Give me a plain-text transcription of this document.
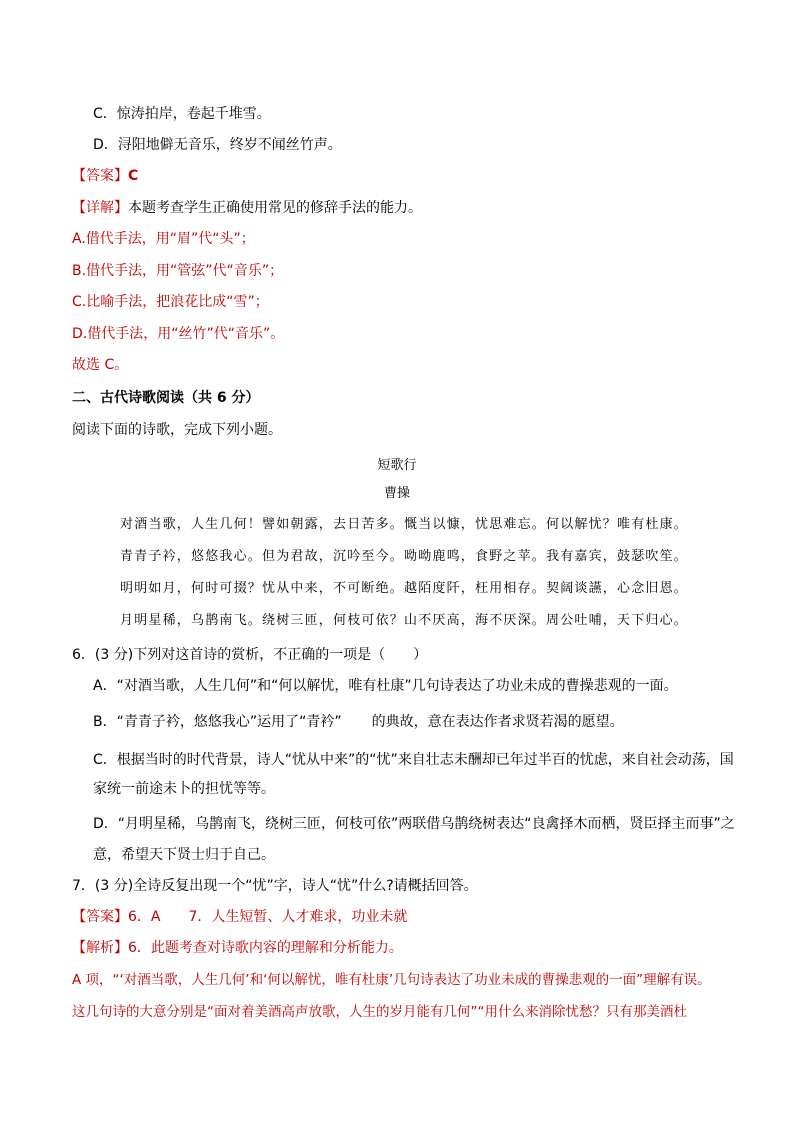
C．惊涛拍岸，卷起千堆雪。
D．浔阳地僻无音乐，终岁不闻丝竹声。
【答案】C
【详解】本题考查学生正确使用常见的修辞手法的能力。
A.借代手法，用“眉”代“头”；
B.借代手法，用“管弦”代“音乐”；
C.比喻手法，把浪花比成“雪”；
D.借代手法，用“丝竹”代“音乐”。
故选 C。
二、古代诗歌阅读（共 6 分）
阅读下面的诗歌，完成下列小题。
短歌行
曹操
对酒当歌，人生几何！譬如朝露，去日苦多。慨当以慷，忧思难忘。何以解忧？唯有杜康。
青青子衿，悠悠我心。但为君故，沉吟至今。呦呦鹿鸣，食野之苹。我有嘉宾，鼓瑟吹笙。
明明如月，何时可掇？忧从中来，不可断绝。越陌度阡，枉用相存。契阔谈讌，心念旧恩。
月明星稀，乌鹊南飞。绕树三匝，何枝可依？山不厌高，海不厌深。周公吐哺，天下归心。
6．(3 分)下列对这首诗的赏析，不正确的一项是（　　）
A．“对酒当歌，人生几何”和“何以解忧，唯有杜康”几句诗表达了功业未成的曹操悲观的一面。
B．“青青子衿，悠悠我心”运用了“青衿” 的典故，意在表达作者求贤若渴的愿望。
C．根据当时的时代背景，诗人“忧从中来”的“忧”来自壮志未酬却已年过半百的忧虑，来自社会动荡，国
家统一前途未卜的担忧等等。
D．“月明星稀，乌鹊南飞，绕树三匝，何枝可依”两联借乌鹊绕树表达“良禽择木而栖，贤臣择主而事”之
意，希望天下贤士归于自己。
7．(3 分)全诗反复出现一个“忧”字，诗人“忧”什么?请概括回答。
【答案】6．A 7．人生短暂、人才难求，功业未就
【解析】6．此题考查对诗歌内容的理解和分析能力。
A 项，“‘对酒当歌，人生几何’和‘何以解忧，唯有杜康’几句诗表达了功业未成的曹操悲观的一面”理解有误。
这几句诗的大意分别是“面对着美酒高声放歌，人生的岁月能有几何”“用什么来消除忧愁？只有那美酒杜
